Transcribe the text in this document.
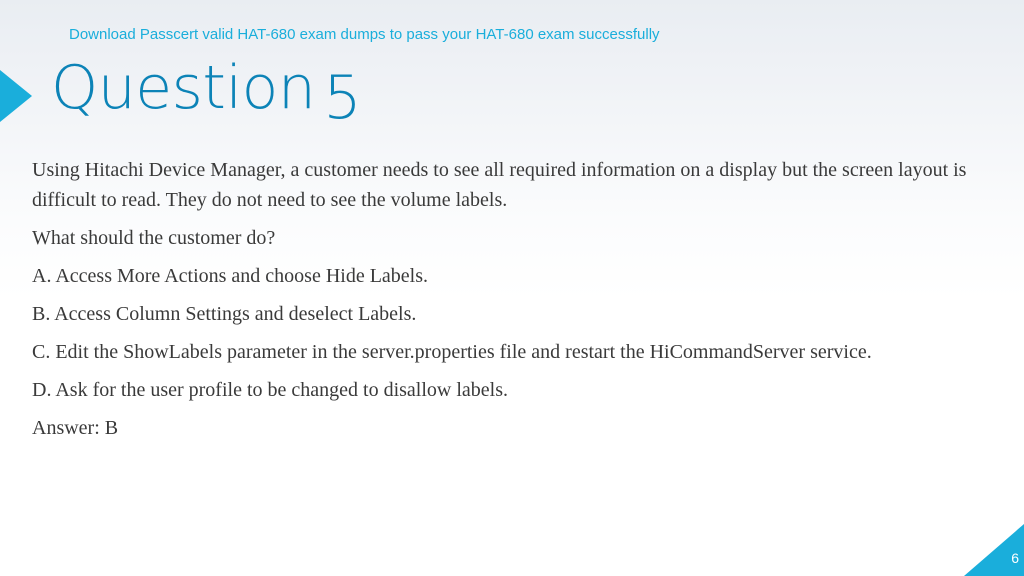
Download Passcert valid HAT-680 exam dumps to pass your HAT-680 exam successfully
Question 5

Using Hitachi Device Manager, a customer needs to see all required information on a display but the screen layout is difficult to read. They do not need to see the volume labels.

What should the customer do?

A. Access More Actions and choose Hide Labels.

B. Access Column Settings and deselect Labels.

C. Edit the ShowLabels parameter in the server.properties file and restart the HiCommandServer service.

D. Ask for the user profile to be changed to disallow labels.

Answer: B

6
